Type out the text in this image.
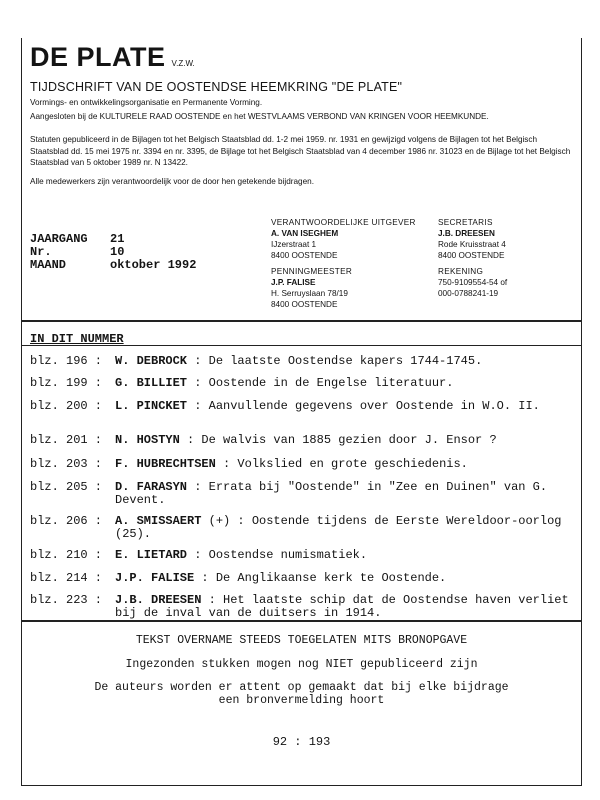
DE PLATE V.Z.W.
TIJDSCHRIFT VAN DE OOSTENDSE HEEMKRING "DE PLATE"
Vormings- en ontwikkelingsorganisatie en Permanente Vorming.
Aangesloten bij de KULTURELE RAAD OOSTENDE en het WESTVLAAMS VERBOND VAN KRINGEN VOOR HEEMKUNDE.
Statuten gepubliceerd in de Bijlagen tot het Belgisch Staatsblad dd. 1-2 mei 1959. nr. 1931 en gewijzigd volgens de Bijlagen tot het Belgisch Staatsblad dd. 15 mei 1975 nr. 3394 en nr. 3395, de Bijlage tot het Belgisch Staatsblad van 4 december 1986 nr. 31023 en de Bijlage tot het Belgisch Staatsblad van 5 oktober 1989 nr. N 13422.
Alle medewerkers zijn verantwoordelijk voor de door hen getekende bijdragen.
JAARGANG 21
Nr.	10
MAAND	oktober 1992
VERANTWOORDELIJKE UITGEVER
A. VAN ISEGHEM
IJzerstraat 1
8400 OOSTENDE
SECRETARIS
J.B. DREESEN
Rode Kruisstraat 4
8400 OOSTENDE
PENNINGMEESTER
J.P. FALISE
H. Serruyslaan 78/19
8400 OOSTENDE
REKENING
750-9109554-54 of
000-0788241-19
IN DIT NUMMER
blz. 196 : W. DEBROCK : De laatste Oostendse kapers 1744-1745.
blz. 199 : G. BILLIET : Oostende in de Engelse literatuur.
blz. 200 : L. PINCKET : Aanvullende gegevens over Oostende in W.O. II.
blz. 201 : N. HOSTYN : De walvis van 1885 gezien door J. Ensor ?
blz. 203 : F. HUBRECHTSEN : Volkslied en grote geschiedenis.
blz. 205 : D. FARASYN : Errata bij "Oostende" in "Zee en Duinen" van G. Devent.
blz. 206 : A. SMISSAERT (+) : Oostende tijdens de Eerste Wereldoor-oorlog (25).
blz. 210 : E. LIETARD : Oostendse numismatiek.
blz. 214 : J.P. FALISE : De Anglikaanse kerk te Oostende.
blz. 223 : J.B. DREESEN : Het laatste schip dat de Oostendse haven verliet bij de inval van de duitsers in 1914.

TEKST OVERNAME STEEDS TOEGELATEN MITS BRONOPGAVE

Ingezonden stukken mogen nog NIET gepubliceerd zijn

De auteurs worden er attent op gemaakt dat bij elke bijdrage

een bronvermelding hoort

92 : 193
